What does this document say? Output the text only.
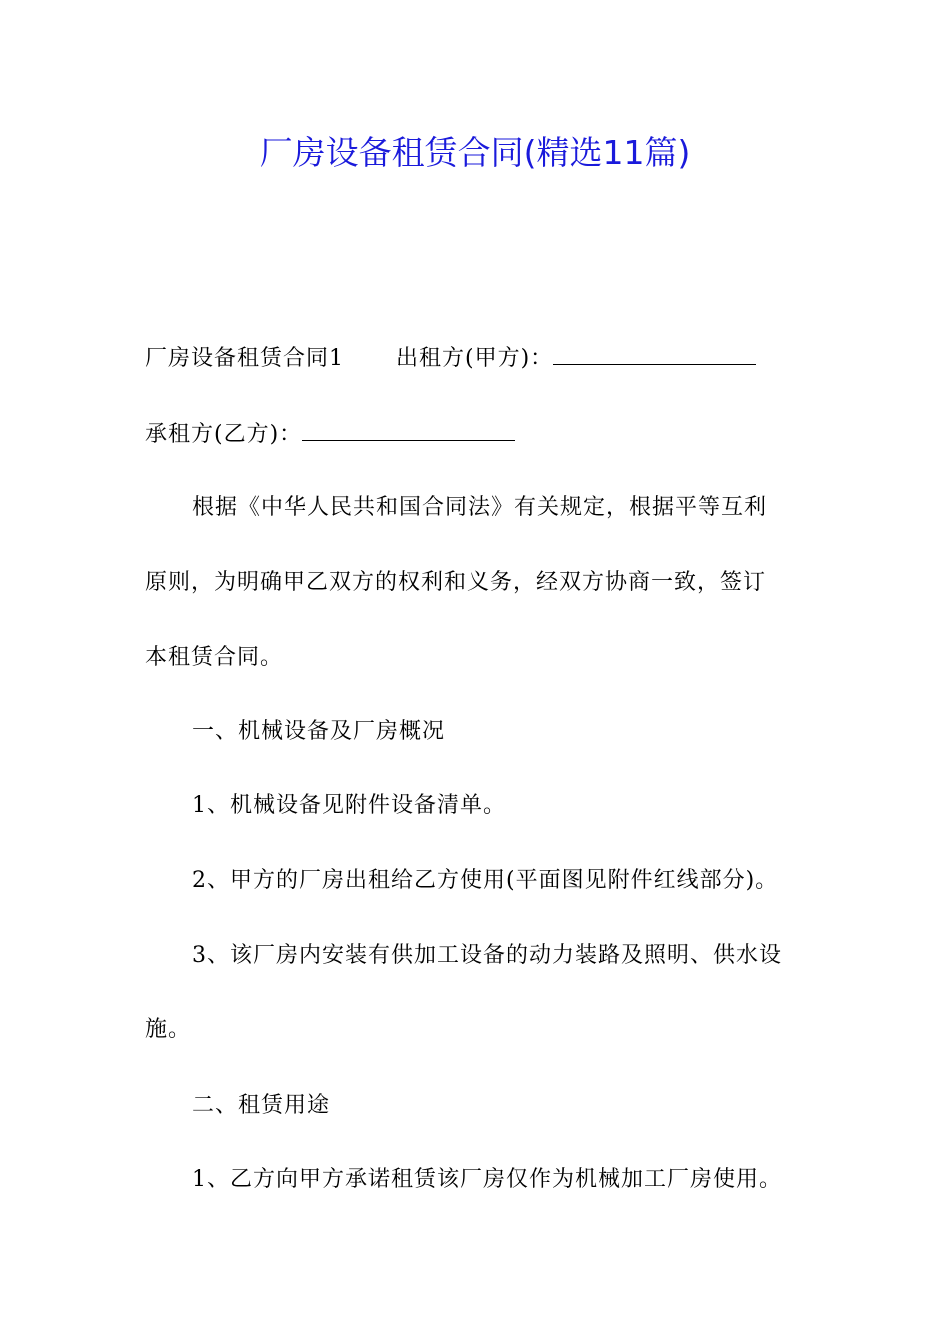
厂房设备租赁合同(精选11篇)
厂房设备租赁合同1 出租方(甲方)：
承租方(乙方)：
根据《中华人民共和国合同法》有关规定，根据平等互利
原则，为明确甲乙双方的权利和义务，经双方协商一致，签订
本租赁合同。
一、机械设备及厂房概况
1、机械设备见附件设备清单。
2、甲方的厂房出租给乙方使用(平面图见附件红线部分)。
3、该厂房内安装有供加工设备的动力装路及照明、供水设
施。
二、租赁用途
1、乙方向甲方承诺租赁该厂房仅作为机械加工厂房使用。
